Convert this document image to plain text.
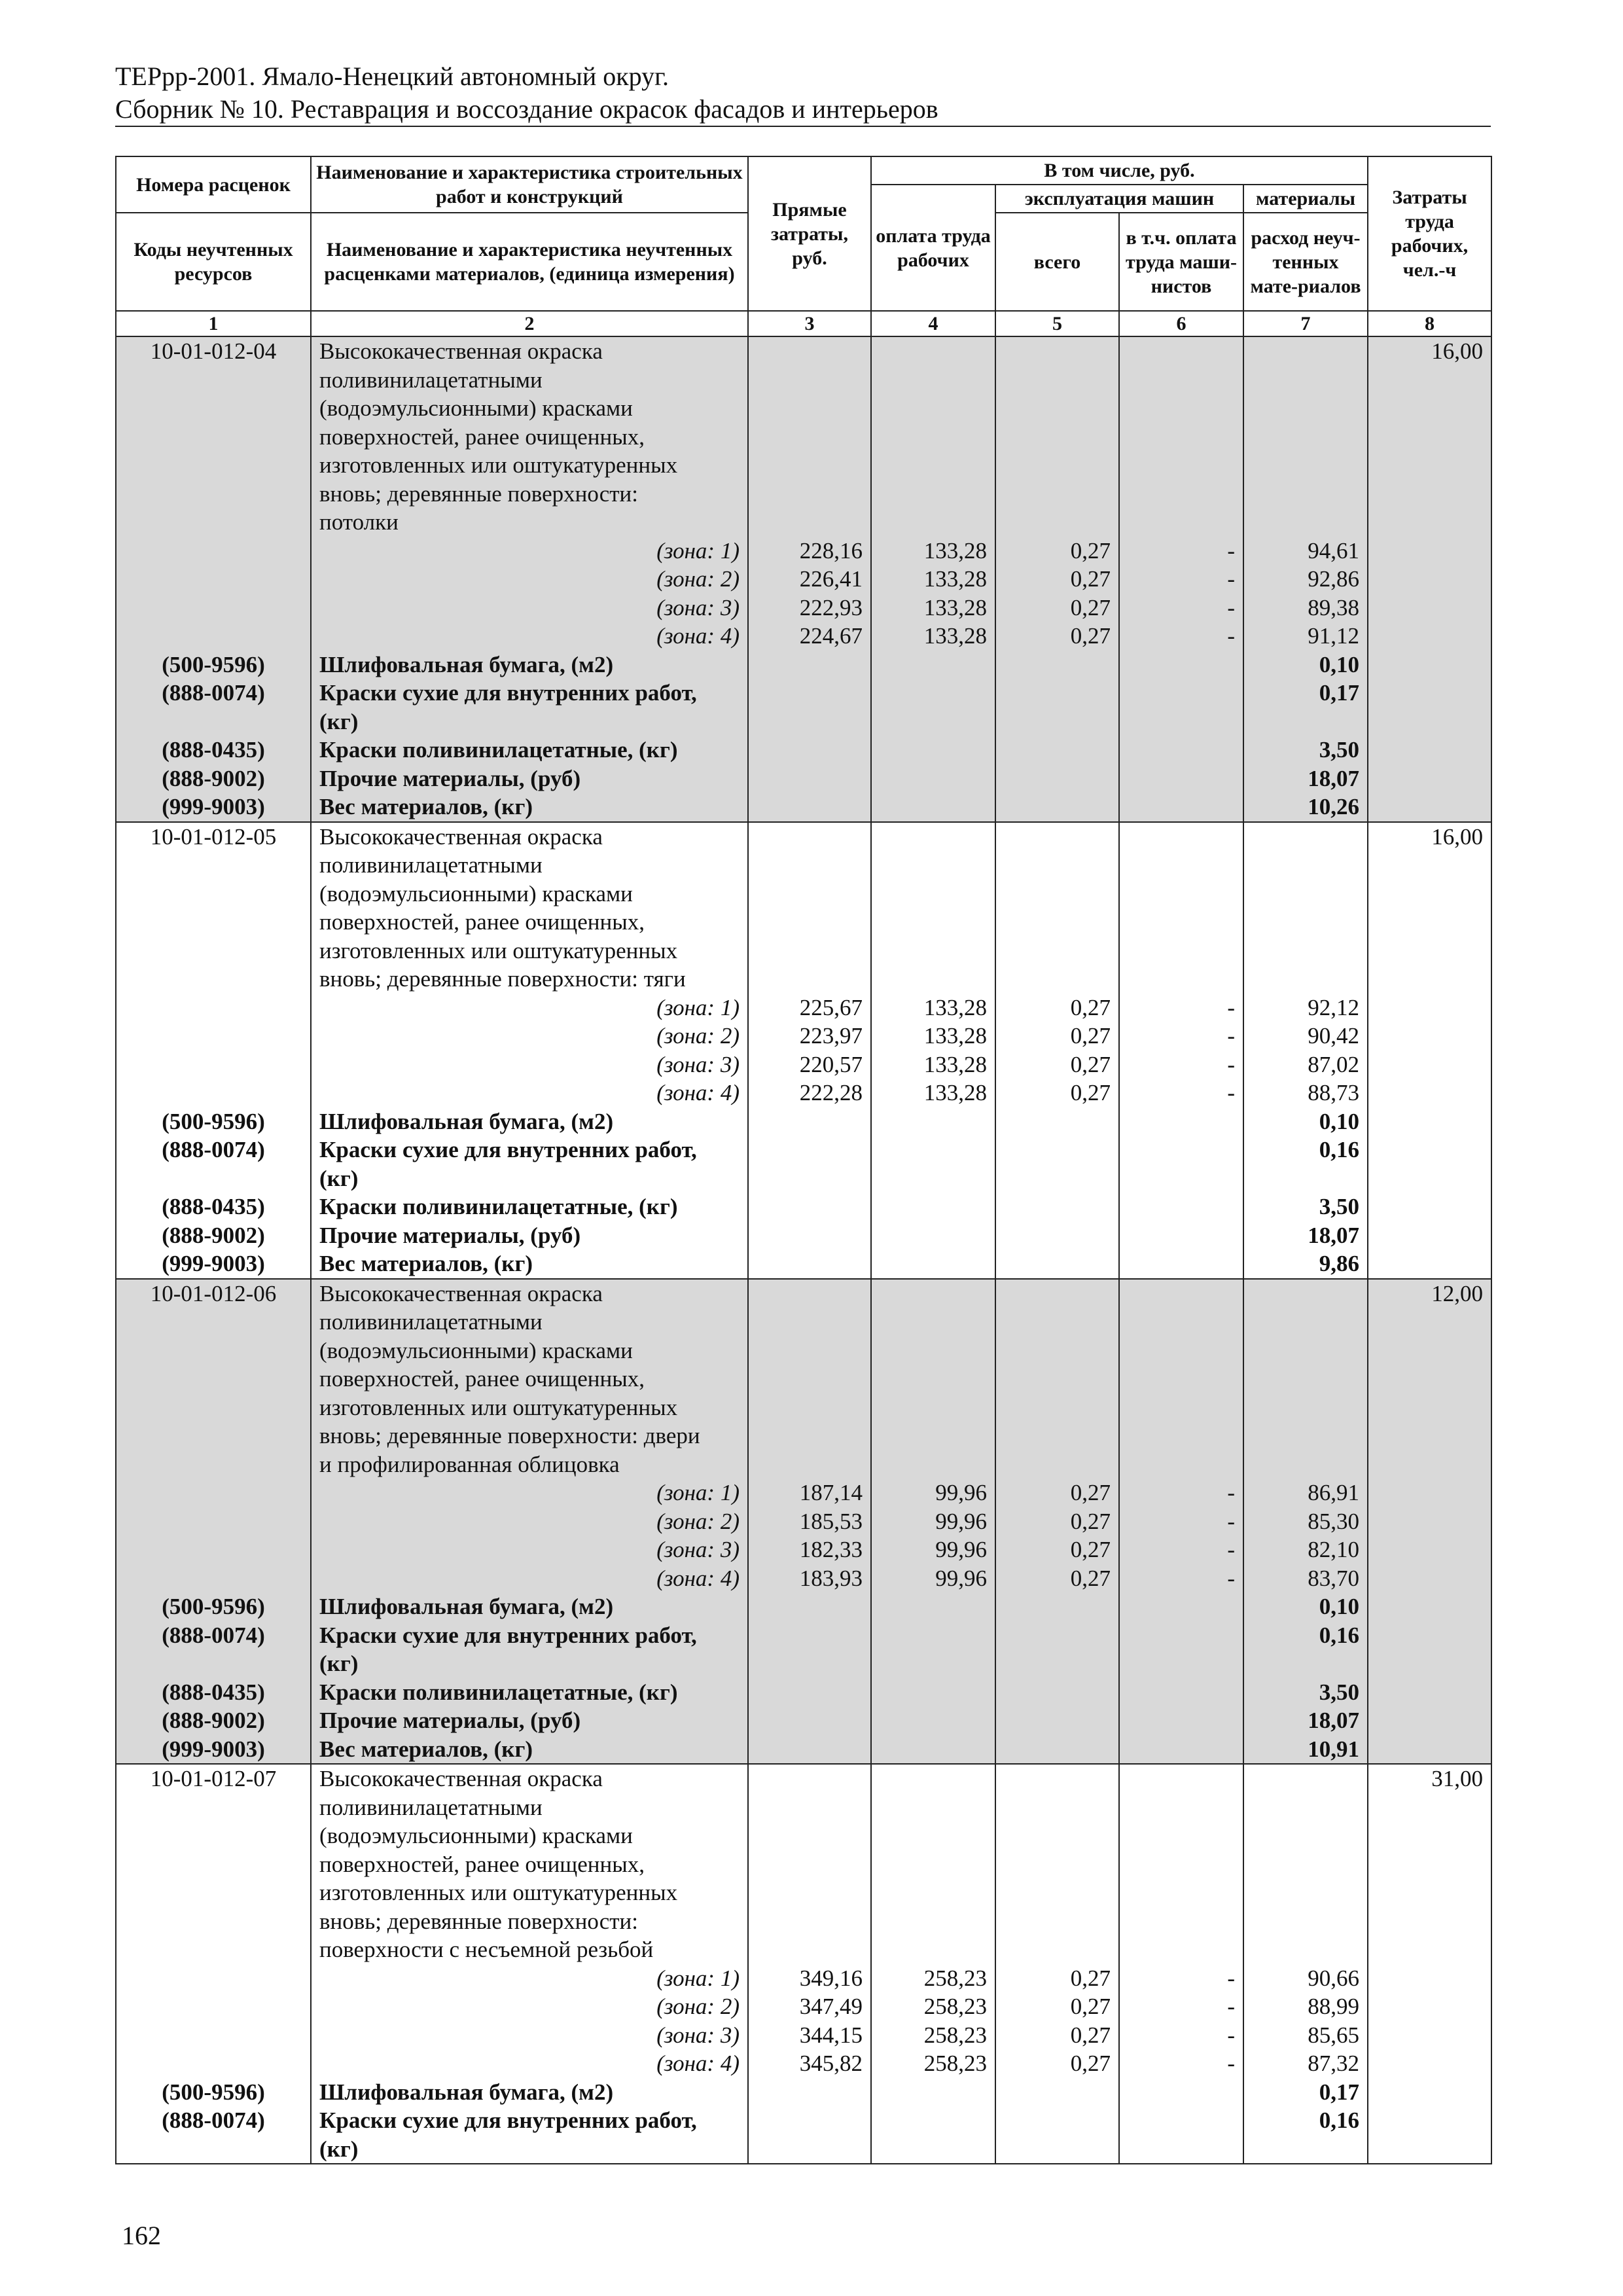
ТЕРрр-2001. Ямало-Ненецкий автономный округ.
Сборник № 10. Реставрация и воссоздание окрасок фасадов и интерьеров
Номера расценок	Наименование и характеристика строительных работ и конструкций	Прямые затраты, руб.	В том числе, руб.				Затраты труда рабочих, чел.-ч
			оплата труда рабочих	эксплуатация машин		материалы	
Коды неучтенных ресурсов	Наименование и характеристика неучтенных расценками материалов, (единица измерения)			всего	в т.ч. оплата труда маши-нистов	расход неуч-тенных мате-риалов	

1	2	3	4	5	6	7	8
10-01-012-04	Высококачественная окраска						16,00
	поливинилацетатными						
	(водоэмульсионными) красками						
	поверхностей, ранее очищенных,						
	изготовленных или оштукатуренных						
	вновь; деревянные поверхности:						
	потолки						
	(зона: 1)	228,16	133,28	0,27	-	94,61	
	(зона: 2)	226,41	133,28	0,27	-	92,86	
	(зона: 3)	222,93	133,28	0,27	-	89,38	
	(зона: 4)	224,67	133,28	0,27	-	91,12	
(500-9596)	Шлифовальная бумага, (м2)					0,10	
(888-0074)	Краски сухие для внутренних работ,					0,17	
	(кг)						
(888-0435)	Краски поливинилацетатные, (кг)					3,50	
(888-9002)	Прочие материалы, (руб)					18,07	
(999-9003)	Вес материалов, (кг)					10,26	
10-01-012-05	Высококачественная окраска						16,00
	поливинилацетатными						
	(водоэмульсионными) красками						
	поверхностей, ранее очищенных,						
	изготовленных или оштукатуренных						
	вновь; деревянные поверхности: тяги						
	(зона: 1)	225,67	133,28	0,27	-	92,12	
	(зона: 2)	223,97	133,28	0,27	-	90,42	
	(зона: 3)	220,57	133,28	0,27	-	87,02	
	(зона: 4)	222,28	133,28	0,27	-	88,73	
(500-9596)	Шлифовальная бумага, (м2)					0,10	
(888-0074)	Краски сухие для внутренних работ,					0,16	
	(кг)						
(888-0435)	Краски поливинилацетатные, (кг)					3,50	
(888-9002)	Прочие материалы, (руб)					18,07	
(999-9003)	Вес материалов, (кг)					9,86	
10-01-012-06	Высококачественная окраска						12,00
	поливинилацетатными						
	(водоэмульсионными) красками						
	поверхностей, ранее очищенных,						
	изготовленных или оштукатуренных						
	вновь; деревянные поверхности: двери						
	и профилированная облицовка						
	(зона: 1)	187,14	99,96	0,27	-	86,91	
	(зона: 2)	185,53	99,96	0,27	-	85,30	
	(зона: 3)	182,33	99,96	0,27	-	82,10	
	(зона: 4)	183,93	99,96	0,27	-	83,70	
(500-9596)	Шлифовальная бумага, (м2)					0,10	
(888-0074)	Краски сухие для внутренних работ,					0,16	
	(кг)						
(888-0435)	Краски поливинилацетатные, (кг)					3,50	
(888-9002)	Прочие материалы, (руб)					18,07	
(999-9003)	Вес материалов, (кг)					10,91	
10-01-012-07	Высококачественная окраска						31,00
	поливинилацетатными						
	(водоэмульсионными) красками						
	поверхностей, ранее очищенных,						
	изготовленных или оштукатуренных						
	вновь; деревянные поверхности:						
	поверхности с несъемной резьбой						
	(зона: 1)	349,16	258,23	0,27	-	90,66	
	(зона: 2)	347,49	258,23	0,27	-	88,99	
	(зона: 3)	344,15	258,23	0,27	-	85,65	
	(зона: 4)	345,82	258,23	0,27	-	87,32	
(500-9596)	Шлифовальная бумага, (м2)					0,17	
(888-0074)	Краски сухие для внутренних работ,					0,16	
	(кг)						
162
